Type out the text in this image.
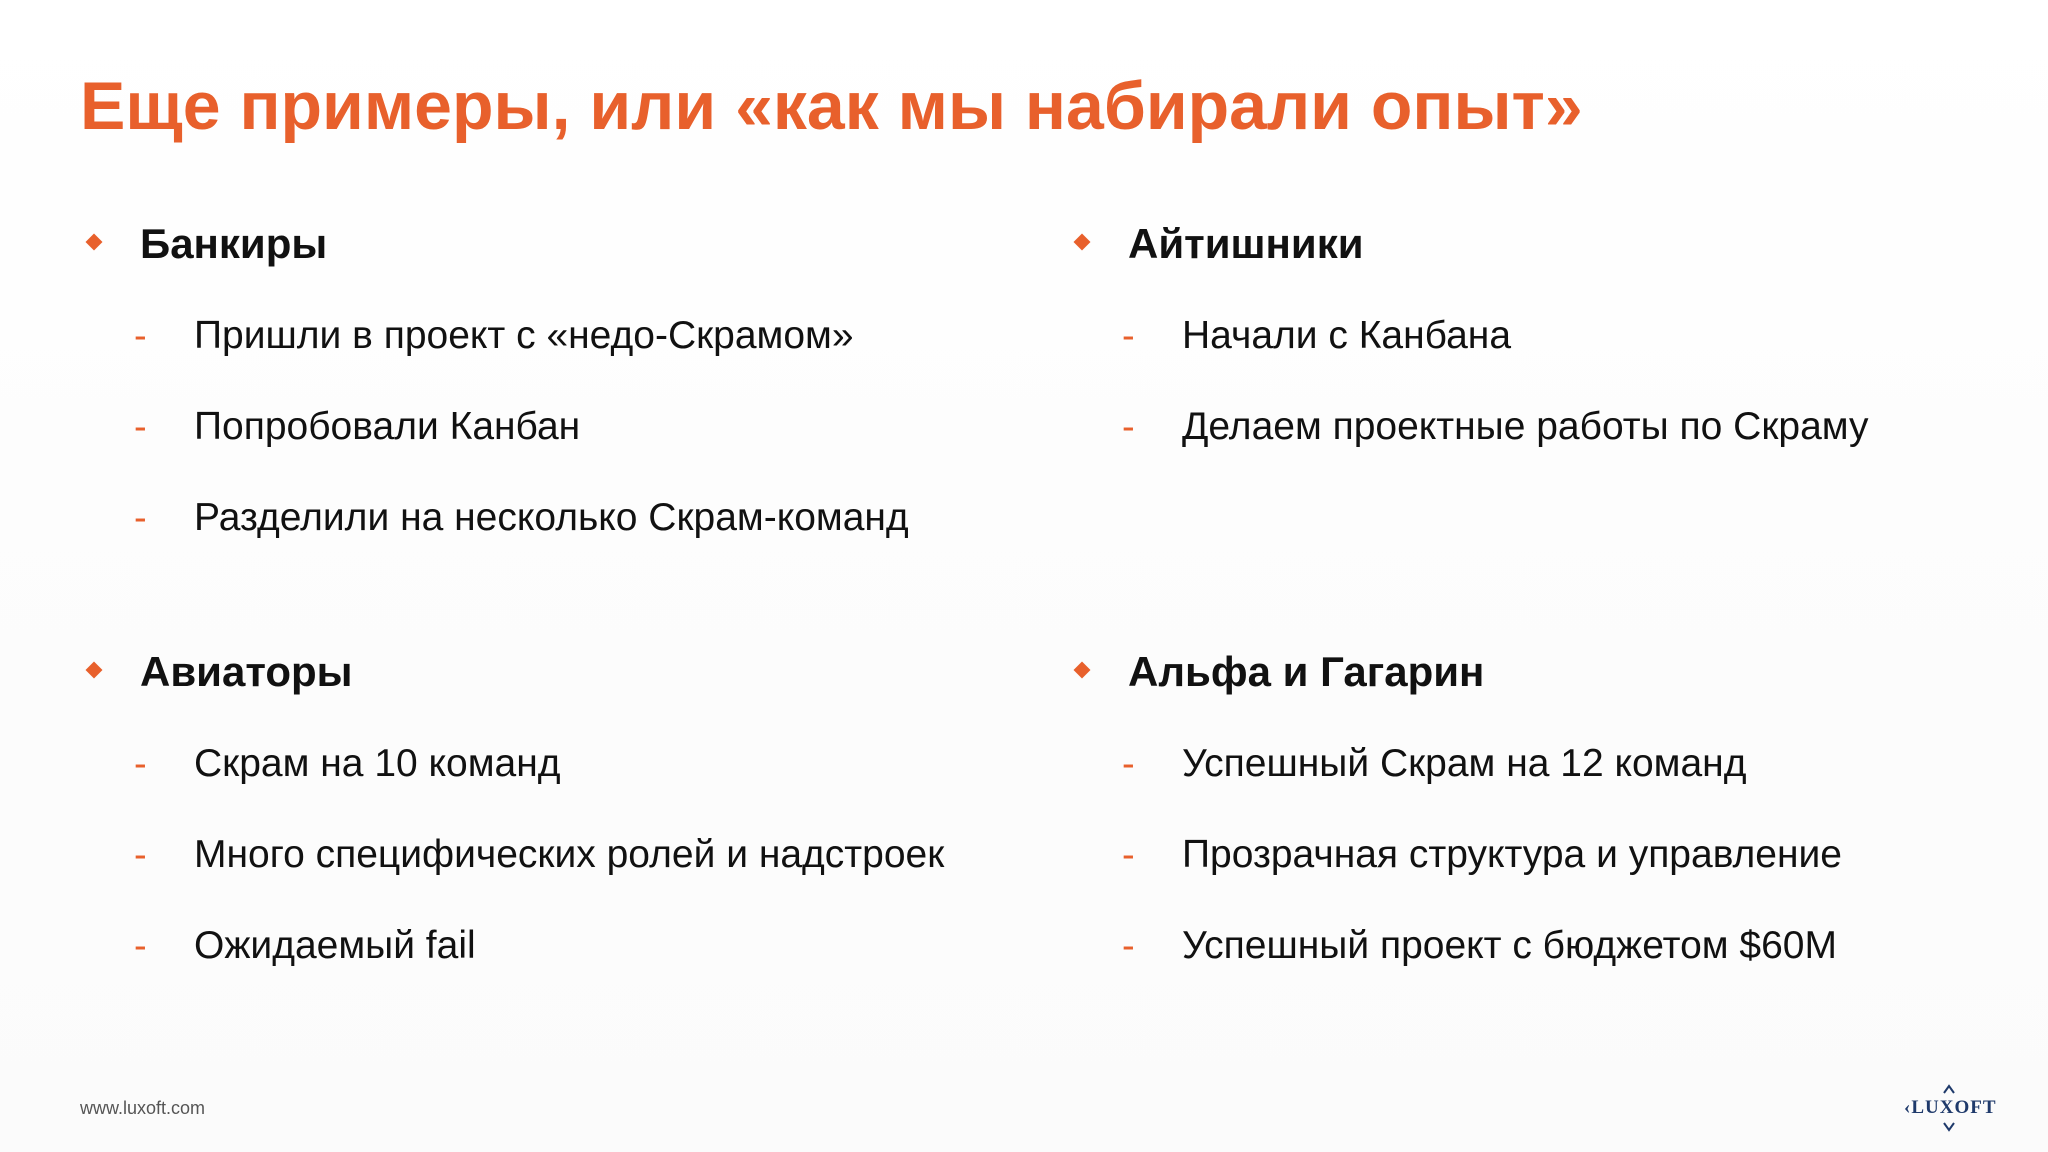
Еще примеры, или «как мы набирали опыт»
Банкиры
- Пришли в проект с «недо-Скрамом»
- Попробовали Канбан
- Разделили на несколько Скрам-команд
Айтишники
- Начали с Канбана
- Делаем проектные работы по Скраму
Авиаторы
- Скрам на 10 команд
- Много специфических ролей и надстроек
- Ожидаемый fail
Альфа и Гагарин
- Успешный Скрам на 12 команд
- Прозрачная структура и управление
- Успешный проект с бюджетом $60M
www.luxoft.com	‹LUXOFT
